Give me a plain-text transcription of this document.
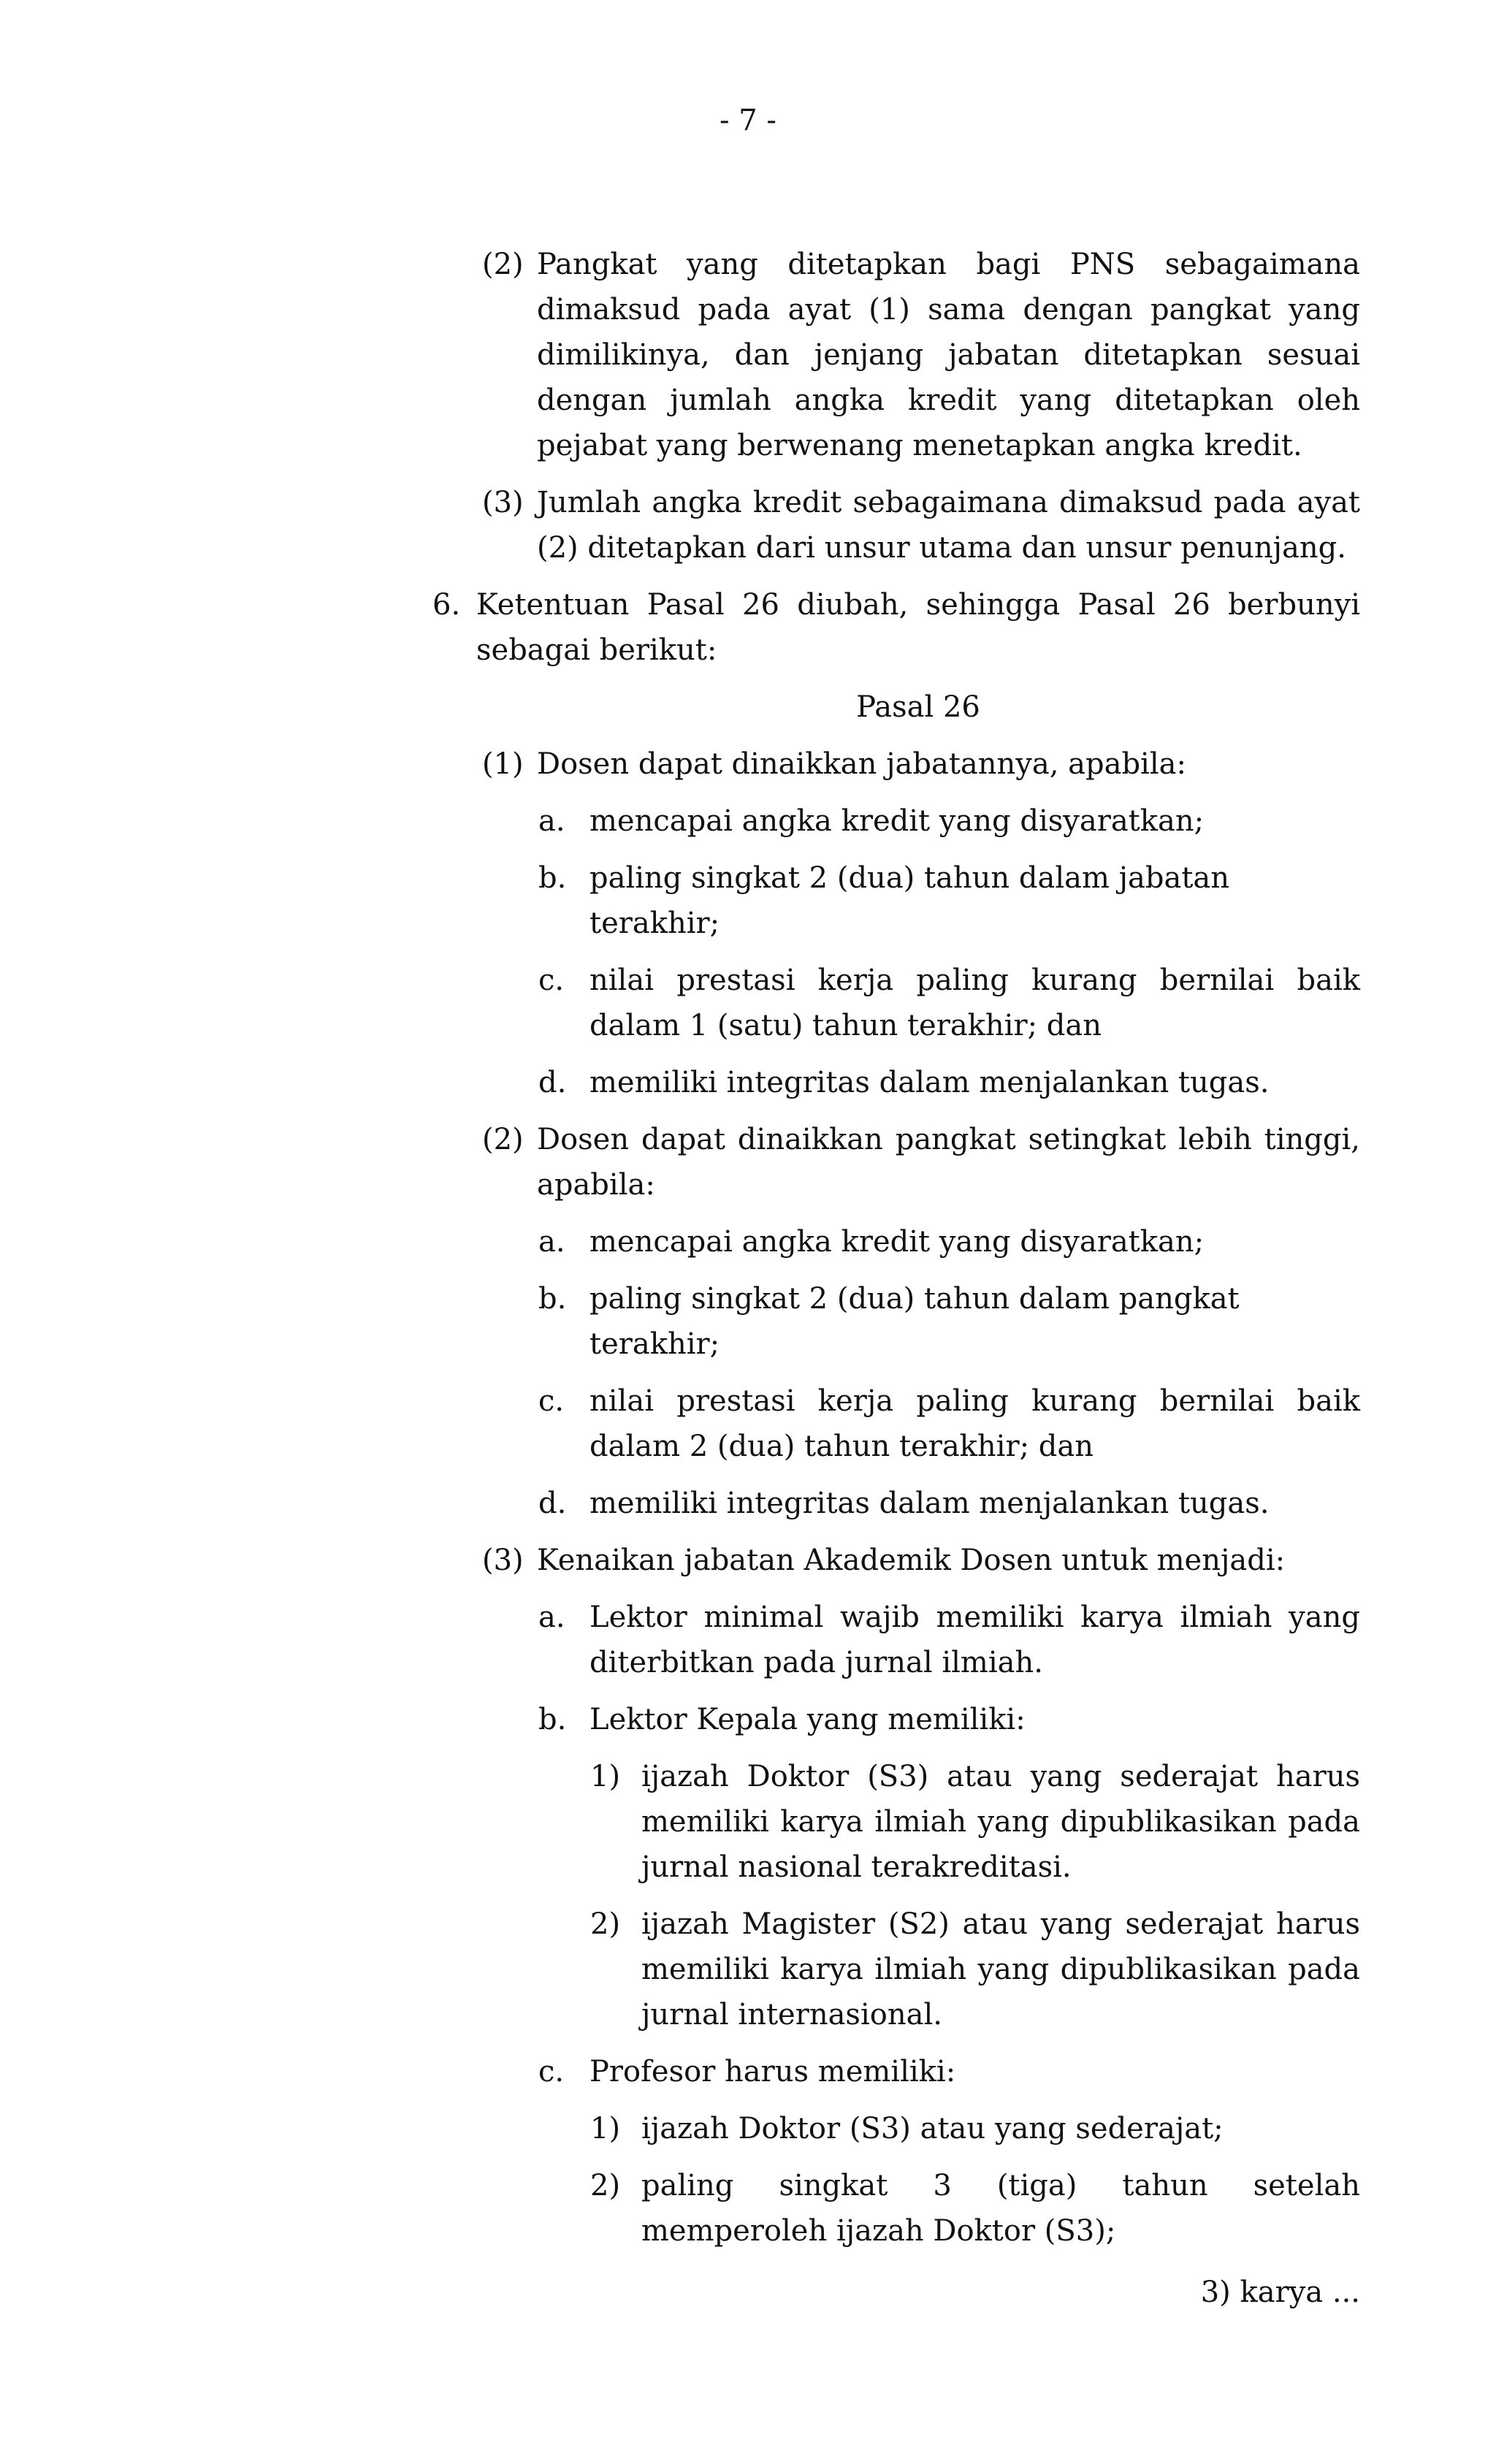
- 7 -
(2) Pangkat yang ditetapkan bagi PNS sebagaimana dimaksud pada ayat (1) sama dengan pangkat yang dimilikinya, dan jenjang jabatan ditetapkan sesuai dengan jumlah angka kredit yang ditetapkan oleh pejabat yang berwenang menetapkan angka kredit.
(3) Jumlah angka kredit sebagaimana dimaksud pada ayat (2) ditetapkan dari unsur utama dan unsur penunjang.
6. Ketentuan Pasal 26 diubah, sehingga Pasal 26 berbunyi sebagai berikut:
Pasal 26
(1) Dosen dapat dinaikkan jabatannya, apabila:
a. mencapai angka kredit yang disyaratkan;
b. paling singkat 2 (dua) tahun dalam jabatan terakhir;
c. nilai prestasi kerja paling kurang bernilai baik dalam 1 (satu) tahun terakhir; dan
d. memiliki integritas dalam menjalankan tugas.
(2) Dosen dapat dinaikkan pangkat setingkat lebih tinggi, apabila:
a. mencapai angka kredit yang disyaratkan;
b. paling singkat 2 (dua) tahun dalam pangkat terakhir;
c. nilai prestasi kerja paling kurang bernilai baik dalam 2 (dua) tahun terakhir; dan
d. memiliki integritas dalam menjalankan tugas.
(3) Kenaikan jabatan Akademik Dosen untuk menjadi:
a. Lektor minimal wajib memiliki karya ilmiah yang diterbitkan pada jurnal ilmiah.
b. Lektor Kepala yang memiliki:
1) ijazah Doktor (S3) atau yang sederajat harus memiliki karya ilmiah yang dipublikasikan pada jurnal nasional terakreditasi.
2) ijazah Magister (S2) atau yang sederajat harus memiliki karya ilmiah yang dipublikasikan pada jurnal internasional.
c. Profesor harus memiliki:
1) ijazah Doktor (S3) atau yang sederajat;
2) paling singkat 3 (tiga) tahun setelah memperoleh ijazah Doktor (S3);
3) karya ...
